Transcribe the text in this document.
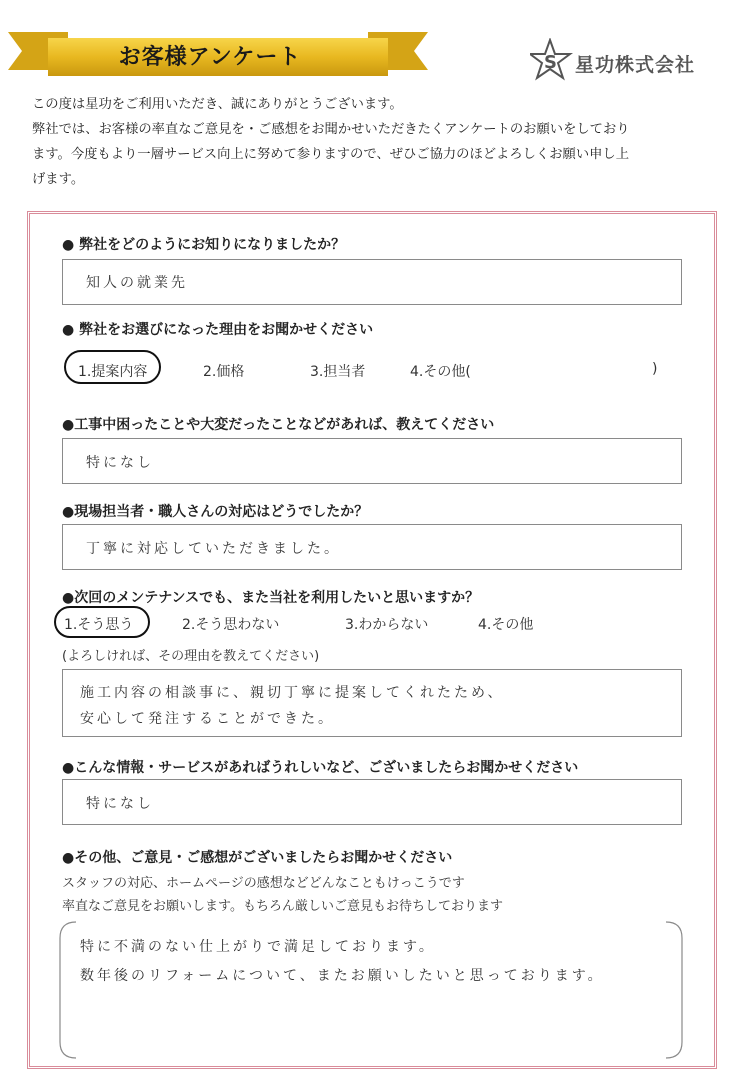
お客様アンケート	S 星功株式会社
この度は星功をご利用いただき、誠にありがとうございます。
弊社では、お客様の率直なご意見を・ご感想をお聞かせいただきたくアンケートのお願いをしており
ます。今度もより一層サービス向上に努めて参りますので、ぜひご協力のほどよろしくお願い申し上
げます。
● 弊社をどのようにお知りになりましたか？
知人の就業先
● 弊社をお選びになった理由をお聞かせください
1.提案内容	2.価格	3.担当者	4.その他(	)
●工事中困ったことや大変だったことなどがあれば、教えてください
特になし
●現場担当者・職人さんの対応はどうでしたか？
丁寧に対応していただきました。
●次回のメンテナンスでも、また当社を利用したいと思いますか？
1.そう思う	2.そう思わない	3.わからない	4.その他
(よろしければ、その理由を教えてください)
施工内容の相談事に、親切丁寧に提案してくれたため、
安心して発注することができた。
●こんな情報・サービスがあればうれしいなど、ございましたらお聞かせください
特になし
●その他、ご意見・ご感想がございましたらお聞かせください
スタッフの対応、ホームページの感想などどんなこともけっこうです
率直なご意見をお願いします。もちろん厳しいご意見もお待ちしております
特に不満のない仕上がりで満足しております。
数年後のリフォームについて、またお願いしたいと思っております。
